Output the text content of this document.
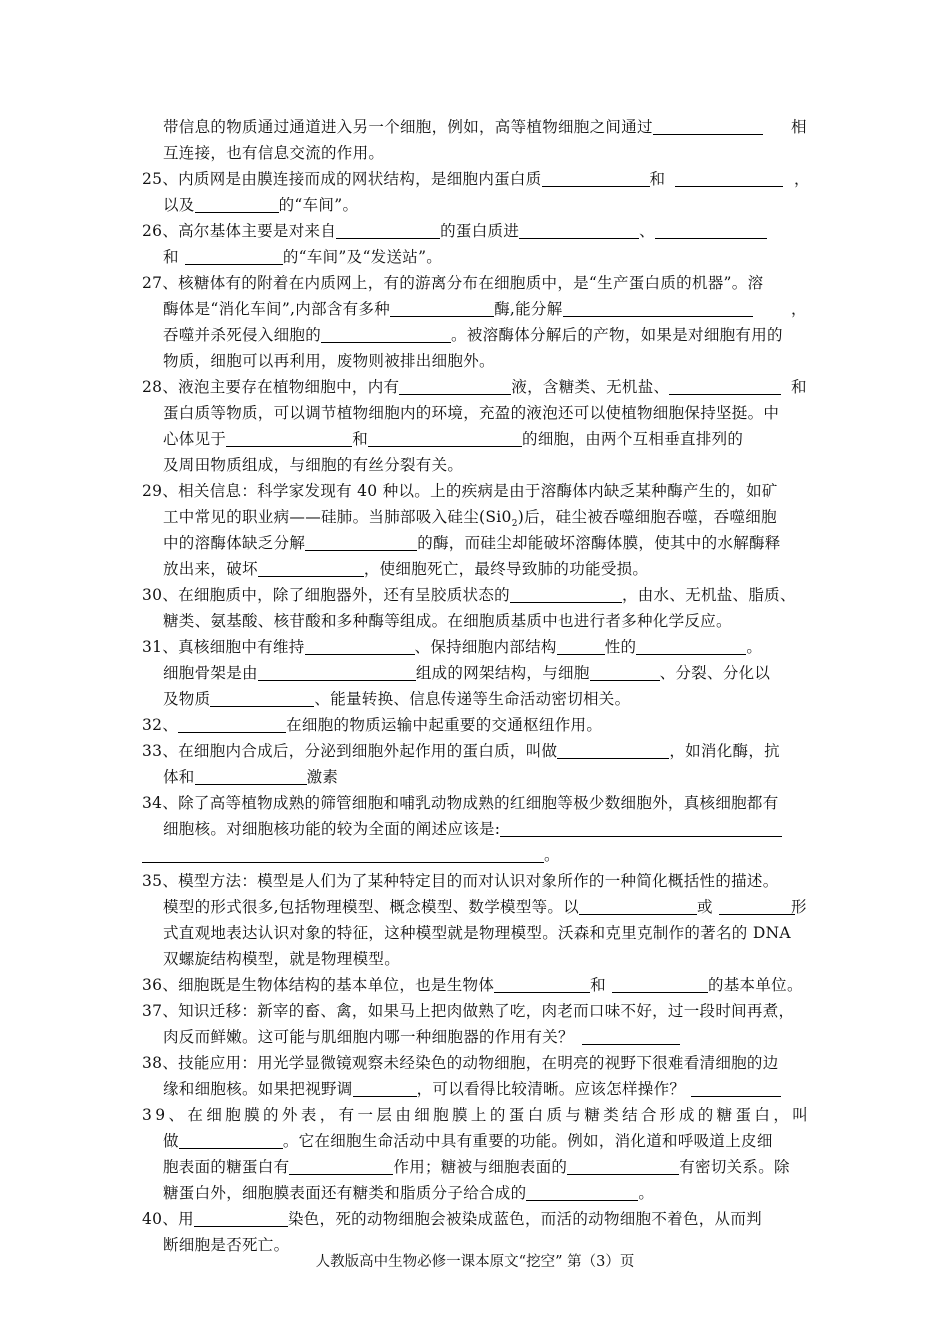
带信息的物质通过通道进入另一个细胞，例如，高等植物细胞之间通过	相
互连接，也有信息交流的作用。
25、内质网是由膜连接而成的网状结构，是细胞内蛋白质	和	，
以及	的“车间”。
26、高尔基体主要是对来自	的蛋白质进	、
和	的“车间”及“发送站”。
27、核糖体有的附着在内质网上，有的游离分布在细胞质中，是“生产蛋白质的机器”。溶
酶体是“消化车间”,内部含有多种	酶,能分解	，
吞噬并杀死侵入细胞的	。被溶酶体分解后的产物，如果是对细胞有用的
物质，细胞可以再利用，废物则被排出细胞外。
28、液泡主要存在植物细胞中，内有	液，含糖类、无机盐、	和
蛋白质等物质，可以调节植物细胞内的环境，充盈的液泡还可以使植物细胞保持坚挺。中
心体见于	和	的细胞，由两个互相垂直排列的
及周田物质组成，与细胞的有丝分裂有关。
29、相关信息：科学家发现有 40 种以。上的疾病是由于溶酶体内缺乏某种酶产生的，如矿
工中常见的职业病——硅肺。当肺部吸入硅尘$(Si0_2)$后，硅尘被吞噬细胞吞噬，吞噬细胞
中的溶酶体缺乏分解	的酶，而硅尘却能破坏溶酶体膜，使其中的水解酶释
放出来，破坏	，使细胞死亡，最终导致肺的功能受损。
30、在细胞质中，除了细胞器外，还有呈胶质状态的	，由水、无机盐、脂质、
糖类、氨基酸、核苷酸和多种酶等组成。在细胞质基质中也进行者多种化学反应。
31、真核细胞中有维持	、保持细胞内部结构	性的	。
细胞骨架是由	组成的网架结构，与细胞	、分裂、分化以
及物质	、能量转换、信息传递等生命活动密切相关。
32、	在细胞的物质运输中起重要的交通枢纽作用。
33、在细胞内合成后，分泌到细胞外起作用的蛋白质，叫做	，如消化酶，抗
体和	激素
34、除了高等植物成熟的筛管细胞和哺乳动物成熟的红细胞等极少数细胞外，真核细胞都有
细胞核。对细胞核功能的较为全面的阐述应该是:
。
35、模型方法：模型是人们为了某种特定目的而对认识对象所作的一种简化概括性的描述。
模型的形式很多,包括物理模型、概念模型、数学模型等。以	或	形
式直观地表达认识对象的特征，这种模型就是物理模型。沃森和克里克制作的著名的 DNA
双螺旋结构模型，就是物理模型。
36、细胞既是生物体结构的基本单位，也是生物体	和	的基本单位。
37、知识迁移：新宰的畜、禽，如果马上把肉做熟了吃，肉老而口味不好，过一段时间再煮，
肉反而鲜嫩。这可能与肌细胞内哪一种细胞器的作用有关？
38、技能应用：用光学显微镜观察未经染色的动物细胞，在明亮的视野下很难看清细胞的边
缘和细胞核。如果把视野调	，可以看得比较清晰。应该怎样操作？
39、在细胞膜的外表，有一层由细胞膜上的蛋白质与糖类结合形成的糖蛋白，叫
做	。它在细胞生命活动中具有重要的功能。例如，消化道和呼吸道上皮细
胞表面的糖蛋白有	作用；糖被与细胞表面的	有密切关系。除
糖蛋白外，细胞膜表面还有糖类和脂质分子给合成的	。
40、用	染色，死的动物细胞会被染成蓝色，而活的动物细胞不着色，从而判
断细胞是否死亡。
人教版高中生物必修一课本原文“挖空” 第（3）页
